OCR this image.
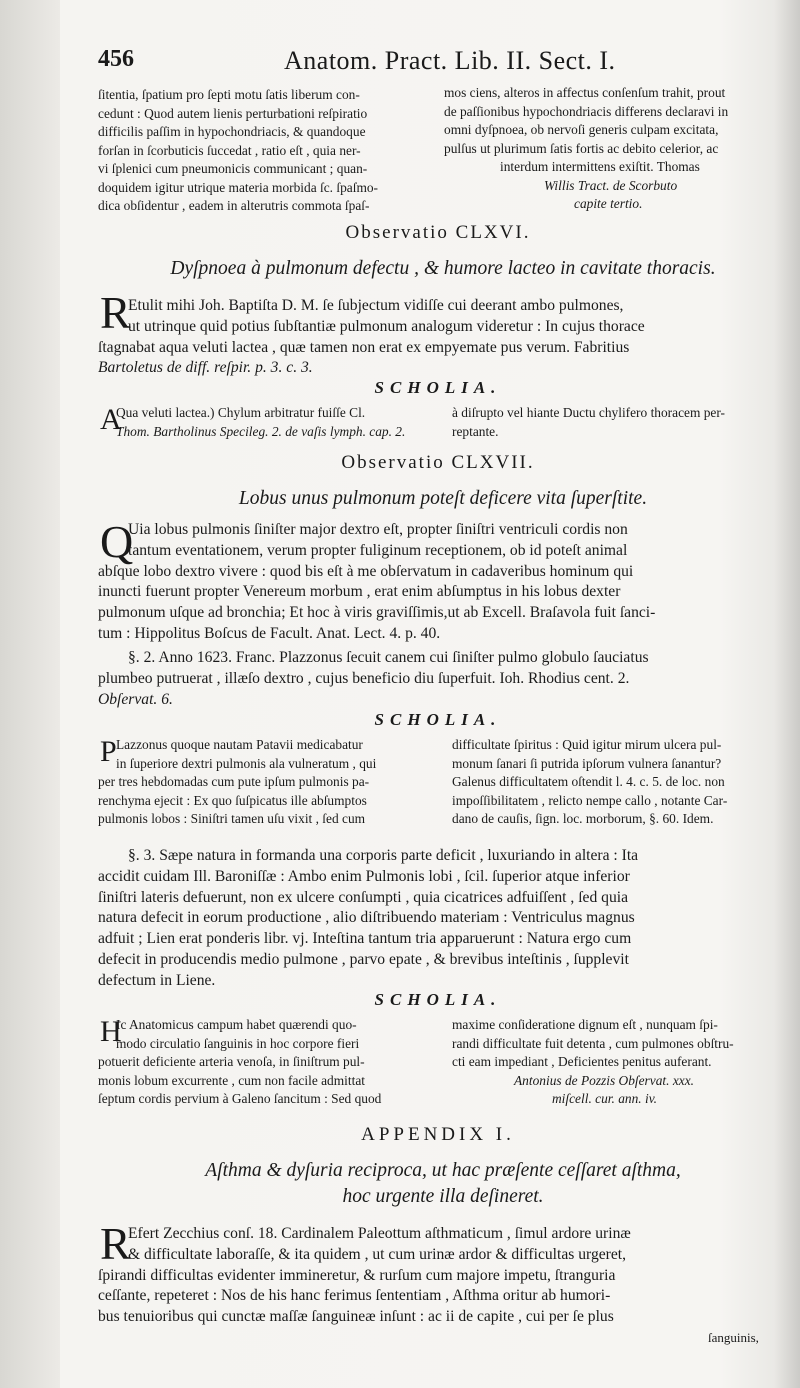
456	Anatom. Pract. Lib. II. Sect. I.
ſitentia, ſpatium pro ſepti motu ſatis liberum con-
cedunt : Quod autem lienis perturbationi reſpiratio
difficilis paſſim in hypochondriacis, & quandoque
forſan in ſcorbuticis ſuccedat , ratio eſt , quia ner-
vi ſplenici cum pneumonicis communicant ; quan-
doquidem igitur utrique materia morbida ſc. ſpaſmo-
dica obſidentur , eadem in alterutris commota ſpaſ-
mos ciens, alteros in affectus conſenſum trahit, prout
de paſſionibus hypochondriacis differens declaravi in
omni dyſpnoea, ob nervoſi generis culpam excitata,
pulſus ut plurimum ſatis fortis ac debito celerior, ac
interdum intermittens exiſtit. Thomas
Willis Tract. de Scorbuto
capite tertio.
Observatio CLXVI.
Dyſpnoea à pulmonum defectu , & humore lacteo in cavitate thoracis.
R
Etulit mihi Joh. Baptiſta D. M. ſe ſubjectum vidiſſe cui deerant ambo pulmones,
ut utrinque quid potius ſubſtantiæ pulmonum analogum videretur : In cujus thorace
ſtagnabat aqua veluti lactea , quæ tamen non erat ex empyemate pus verum. Fabritius
Bartoletus de diff. reſpir. p. 3. c. 3.
SCHOLIA.
A
Qua veluti lactea.) Chylum arbitratur fuiſſe Cl.
Thom. Bartholinus Specileg. 2. de vaſis lymph. cap. 2.
à diſrupto vel hiante Ductu chylifero thoracem per-
reptante.
Observatio CLXVII.
Lobus unus pulmonum poteſt deficere vita ſuperſtite.
Q
Uia lobus pulmonis ſiniſter major dextro eſt, propter ſiniſtri ventriculi cordis non
tantum eventationem, verum propter fuliginum receptionem, ob id poteſt animal
abſque lobo dextro vivere : quod bis eſt à me obſervatum in cadaveribus hominum qui
inuncti fuerunt propter Venereum morbum , erat enim abſumptus in his lobus dexter
pulmonum uſque ad bronchia; Et hoc à viris graviſſimis,ut ab Excell. Braſavola fuit ſanci-
tum : Hippolitus Boſcus de Facult. Anat. Lect. 4. p. 40.
§. 2. Anno 1623. Franc. Plazzonus ſecuit canem cui ſiniſter pulmo globulo ſauciatus
plumbeo putruerat , illæſo dextro , cujus beneficio diu ſuperfuit. Ioh. Rhodius cent. 2.
Obſervat. 6.
SCHOLIA.
P Lazzonus quoque nautam Patavii medicabatur
in ſuperiore dextri pulmonis ala vulneratum , qui
per tres hebdomadas cum pute ipſum pulmonis pa-
renchyma ejecit : Ex quo ſuſpicatus ille abſumptos
pulmonis lobos : Siniſtri tamen uſu vixit , ſed cum
difficultate ſpiritus : Quid igitur mirum ulcera pul-
monum ſanari ſi putrida ipſorum vulnera ſanantur?
Galenus difficultatem oſtendit l. 4. c. 5. de loc. non
impoſſibilitatem , relicto nempe callo , notante Car-
dano de cauſis, ſign. loc. morborum, §. 60. Idem.
§. 3. Sæpe natura in formanda una corporis parte deficit , luxuriando in altera : Ita
accidit cuidam Ill. Baroniſſæ : Ambo enim Pulmonis lobi , ſcil. ſuperior atque inferior
ſiniſtri lateris defuerunt, non ex ulcere conſumpti , quia cicatrices adfuiſſent , ſed quia
natura defecit in eorum productione , alio diſtribuendo materiam : Ventriculus magnus
adfuit ; Lien erat ponderis libr. vj. Inteſtina tantum tria apparuerunt : Natura ergo cum
defecit in producendis medio pulmone , parvo epate , & brevibus inteſtinis , ſupplevit
defectum in Liene.
SCHOLIA.
H
Ic Anatomicus campum habet quærendi quo-
modo circulatio ſanguinis in hoc corpore fieri
potuerit deficiente arteria venoſa, in ſiniſtrum pul-
monis lobum excurrente , cum non facile admittat
ſeptum cordis pervium à Galeno ſancitum : Sed quod
maxime conſideratione dignum eſt , nunquam ſpi-
randi difficultate fuit detenta , cum pulmones obſtru-
cti eam impediant , Deficientes penitus auferant.
Antonius de Pozzis Obſervat. xxx.
miſcell. cur. ann. iv.
APPENDIX I.
Aſthma & dyſuria reciproca, ut hac præſente ceſſaret aſthma,
hoc urgente illa deſineret.
R
Efert Zecchius conſ. 18. Cardinalem Paleottum aſthmaticum , ſimul ardore urinæ
& difficultate laboraſſe, & ita quidem , ut cum urinæ ardor & difficultas urgeret,
ſpirandi difficultas evidenter immineretur, & rurſum cum majore impetu, ſtranguria
ceſſante, repeteret : Nos de his hanc ferimus ſententiam , Aſthma oritur ab humori-
bus tenuioribus qui cunctæ maſſæ ſanguineæ inſunt : ac ii de capite , cui per ſe plus
ſanguinis,
